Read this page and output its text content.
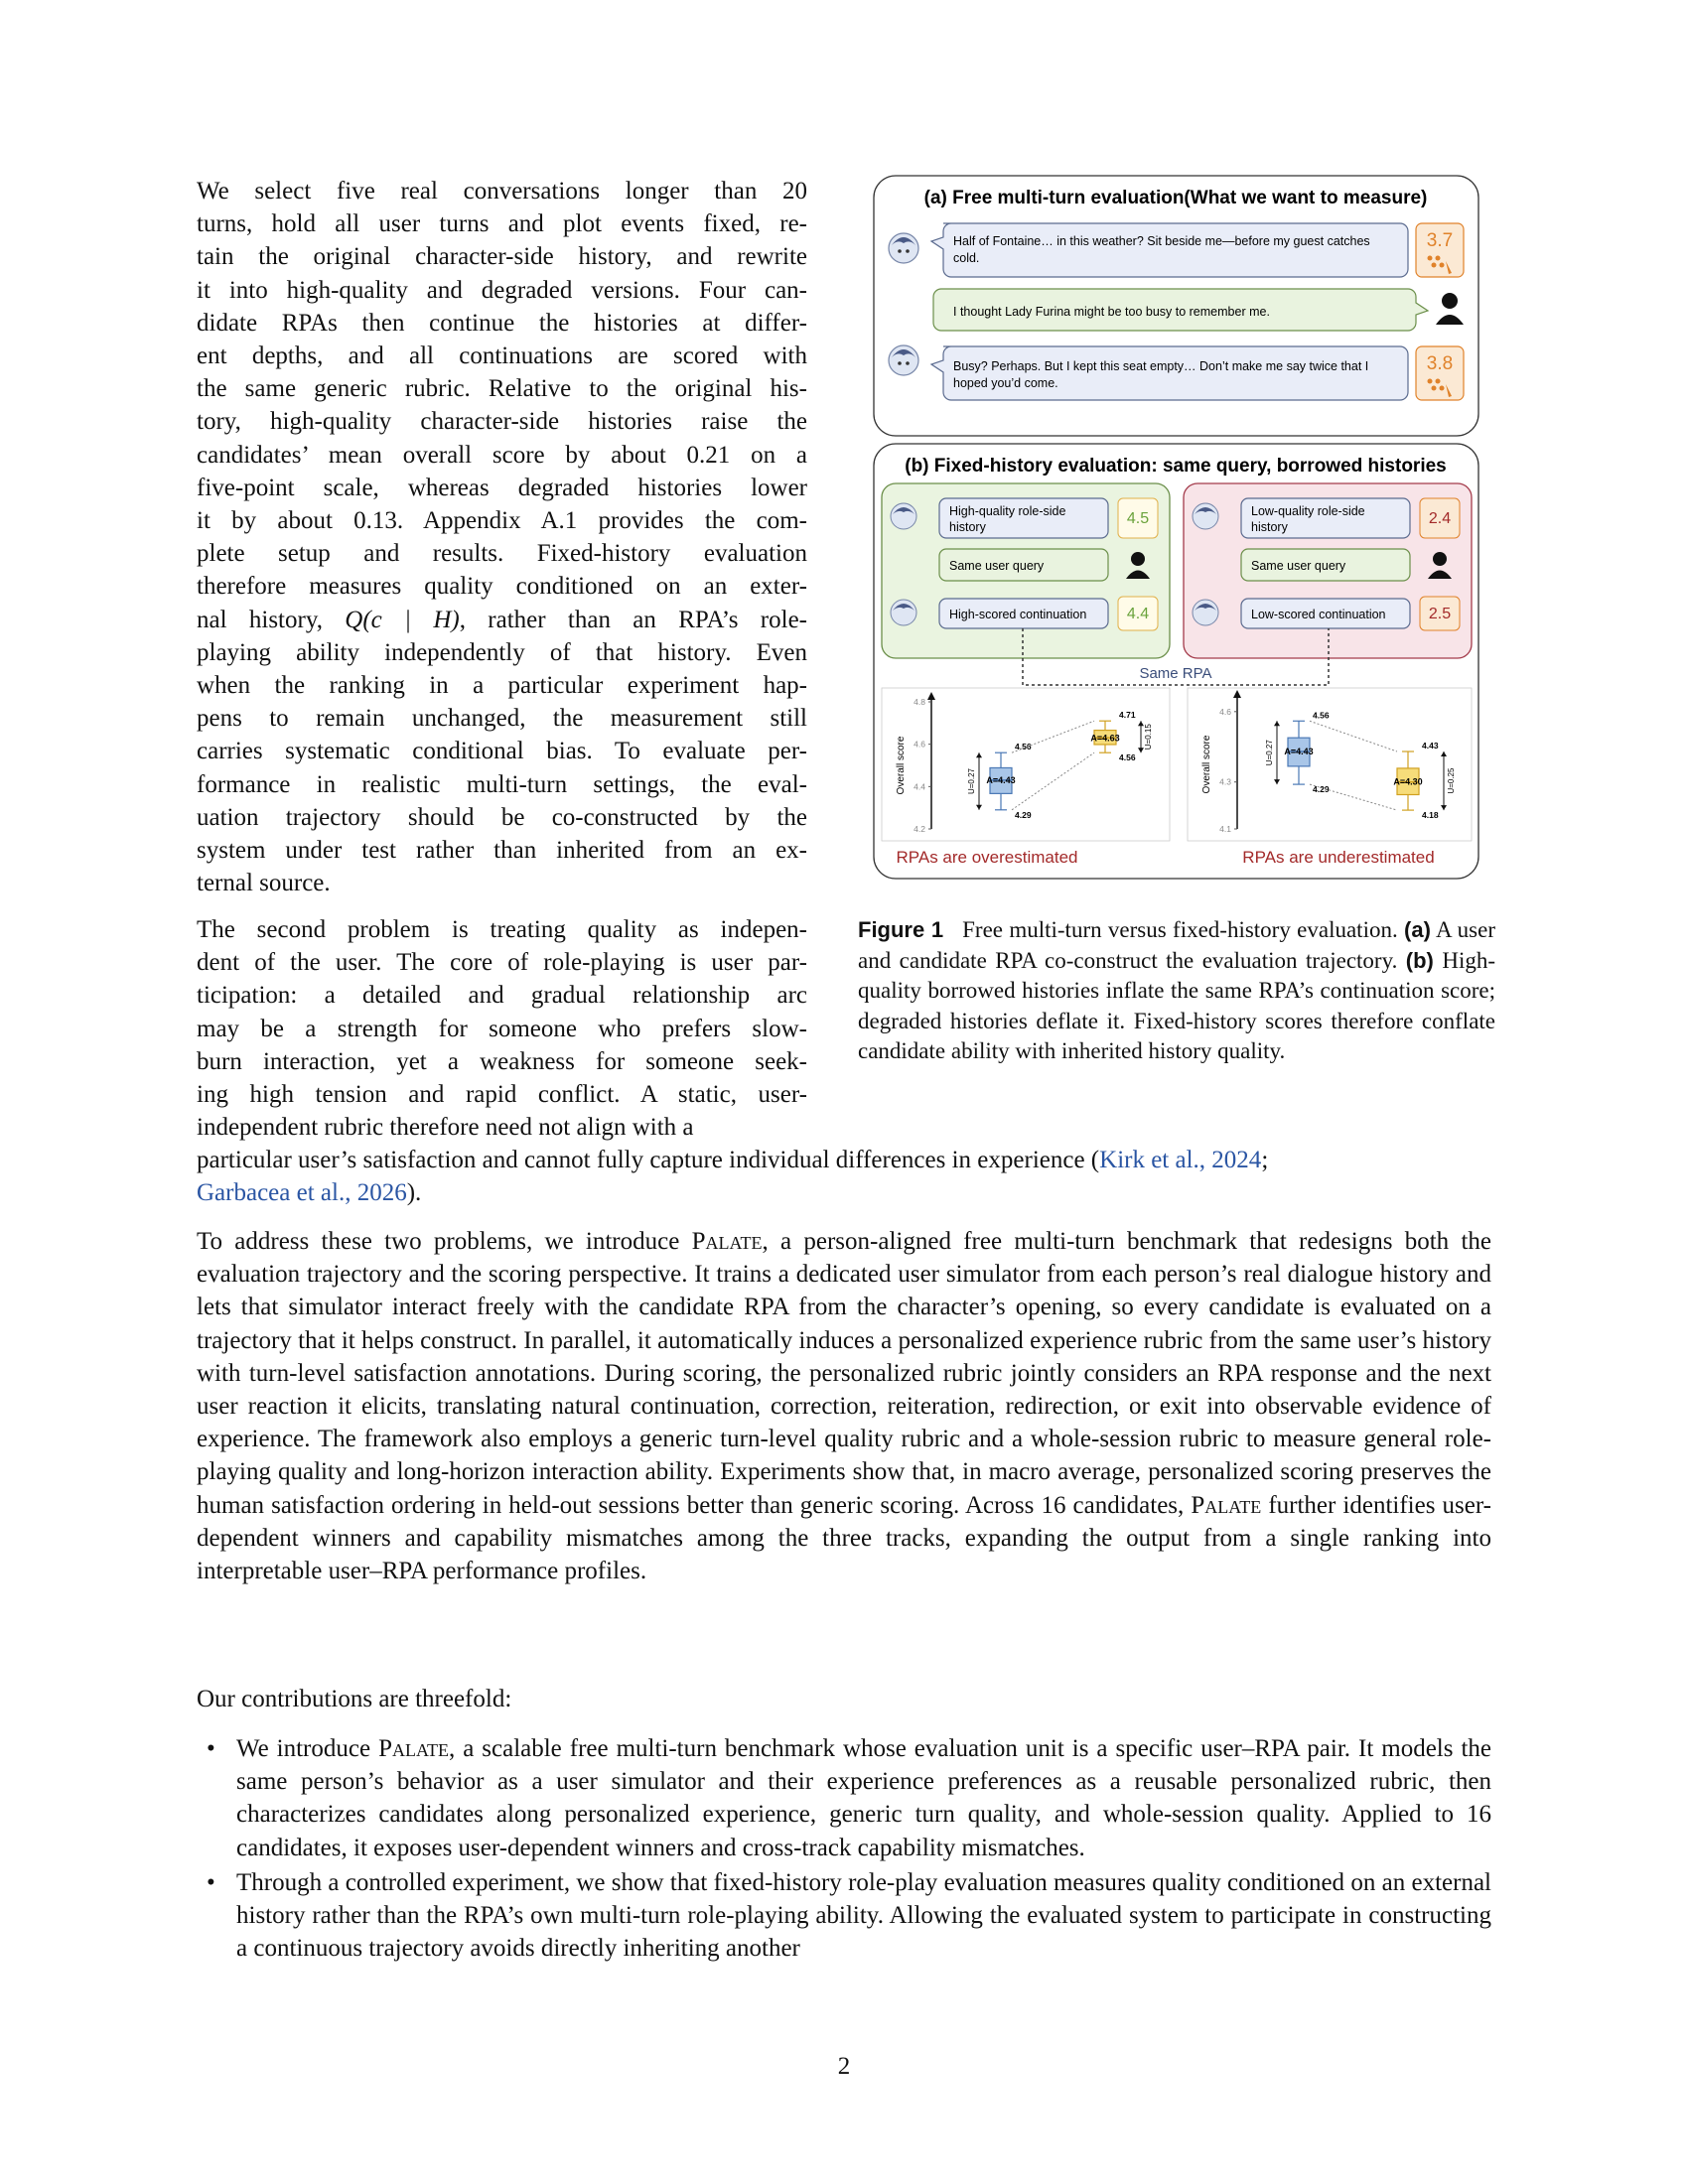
We select five real conversations longer than 20
turns, hold all user turns and plot events fixed, re-
tain the original character-side history, and rewrite
it into high-quality and degraded versions. Four can-
didate RPAs then continue the histories at differ-
ent depths, and all continuations are scored with
the same generic rubric. Relative to the original his-
tory, high-quality character-side histories raise the
candidates’ mean overall score by about 0.21 on a
five-point scale, whereas degraded histories lower
it by about 0.13. Appendix A.1 provides the com-
plete setup and results. Fixed-history evaluation
therefore measures quality conditioned on an exter-
nal history, Q(c | H), rather than an RPA’s role-
playing ability independently of that history. Even
when the ranking in a particular experiment hap-
pens to remain unchanged, the measurement still
carries systematic conditional bias. To evaluate per-
formance in realistic multi-turn settings, the eval-
uation trajectory should be co-constructed by the
system under test rather than inherited from an ex-
ternal source.
The second problem is treating quality as indepen-
dent of the user. The core of role-playing is user par-
ticipation: a detailed and gradual relationship arc
may be a strength for someone who prefers slow-
burn interaction, yet a weakness for someone seek-
ing high tension and rapid conflict. A static, user-
independent rubric therefore need not align with a
particular user’s satisfaction and cannot fully capture individual differences in experience (Kirk et al., 2024;
Garbacea et al., 2026).
To address these two problems, we introduce Palate, a person-aligned free multi-turn benchmark that redesigns both the evaluation trajectory and the scoring perspective. It trains a dedicated user simulator from each person’s real dialogue history and lets that simulator interact freely with the candidate RPA from the character’s opening, so every candidate is evaluated on a trajectory that it helps construct. In parallel, it automatically induces a personalized experience rubric from the same user’s history with turn-level satisfaction annotations. During scoring, the personalized rubric jointly considers an RPA response and the next user reaction it elicits, translating natural continuation, correction, reiteration, redirection, or exit into observable evidence of experience. The framework also employs a generic turn-level quality rubric and a whole-session rubric to measure general role-playing quality and long-horizon interaction ability. Experiments show that, in macro average, personalized scoring preserves the human satisfaction ordering in held-out sessions better than generic scoring. Across 16 candidates, Palate further identifies user-dependent winners and capability mismatches among the three tracks, expanding the output from a single ranking into interpretable user–RPA performance profiles.
Our contributions are threefold:
• We introduce Palate, a scalable free multi-turn benchmark whose evaluation unit is a specific user–RPA pair. It models the same person’s behavior as a user simulator and their experience preferences as a reusable personalized rubric, then characterizes candidates along personalized experience, generic turn quality, and whole-session quality. Applied to 16 candidates, it exposes user-dependent winners and cross-track capability mismatches.
• Through a controlled experiment, we show that fixed-history role-play evaluation measures quality conditioned on an external history rather than the RPA’s own multi-turn role-playing ability. Allowing the evaluated system to participate in constructing a continuous trajectory avoids directly inheriting another
Figure 1 Free multi-turn versus fixed-history evaluation. (a) A user and candidate RPA co-construct the evaluation trajectory. (b) High-quality borrowed histories inflate the same RPA’s continuation score; degraded histories deflate it. Fixed-history scores therefore conflate candidate ability with inherited history quality.
(a) Free multi-turn evaluation(What we want to measure)
Half of Fontaine… in this weather? Sit beside me—before my guest catches
cold.
3.7
I thought Lady Furina might be too busy to remember me.
Busy? Perhaps. But I kept this seat empty… Don’t make me say twice that I
hoped you’d come.
3.8
(b) Fixed-history evaluation: same query, borrowed histories
High-quality role-side
history	4.5
Same user query
High-scored continuation	4.4
Low-quality role-side
history	2.4
Same user query
Low-scored continuation	2.5
Same RPA
4.8
4.6
4.4
4.2
Overall score	A=4.43
4.56
4.29
U=0.27
A=4.63
4.71
4.56
U=0.15
4.6
4.3
4.1
Overall score	A=4.43
4.56
4.29
U=0.27
A=4.30
4.43
4.18
U=0.25
RPAs are overestimated	RPAs are underestimated
2
